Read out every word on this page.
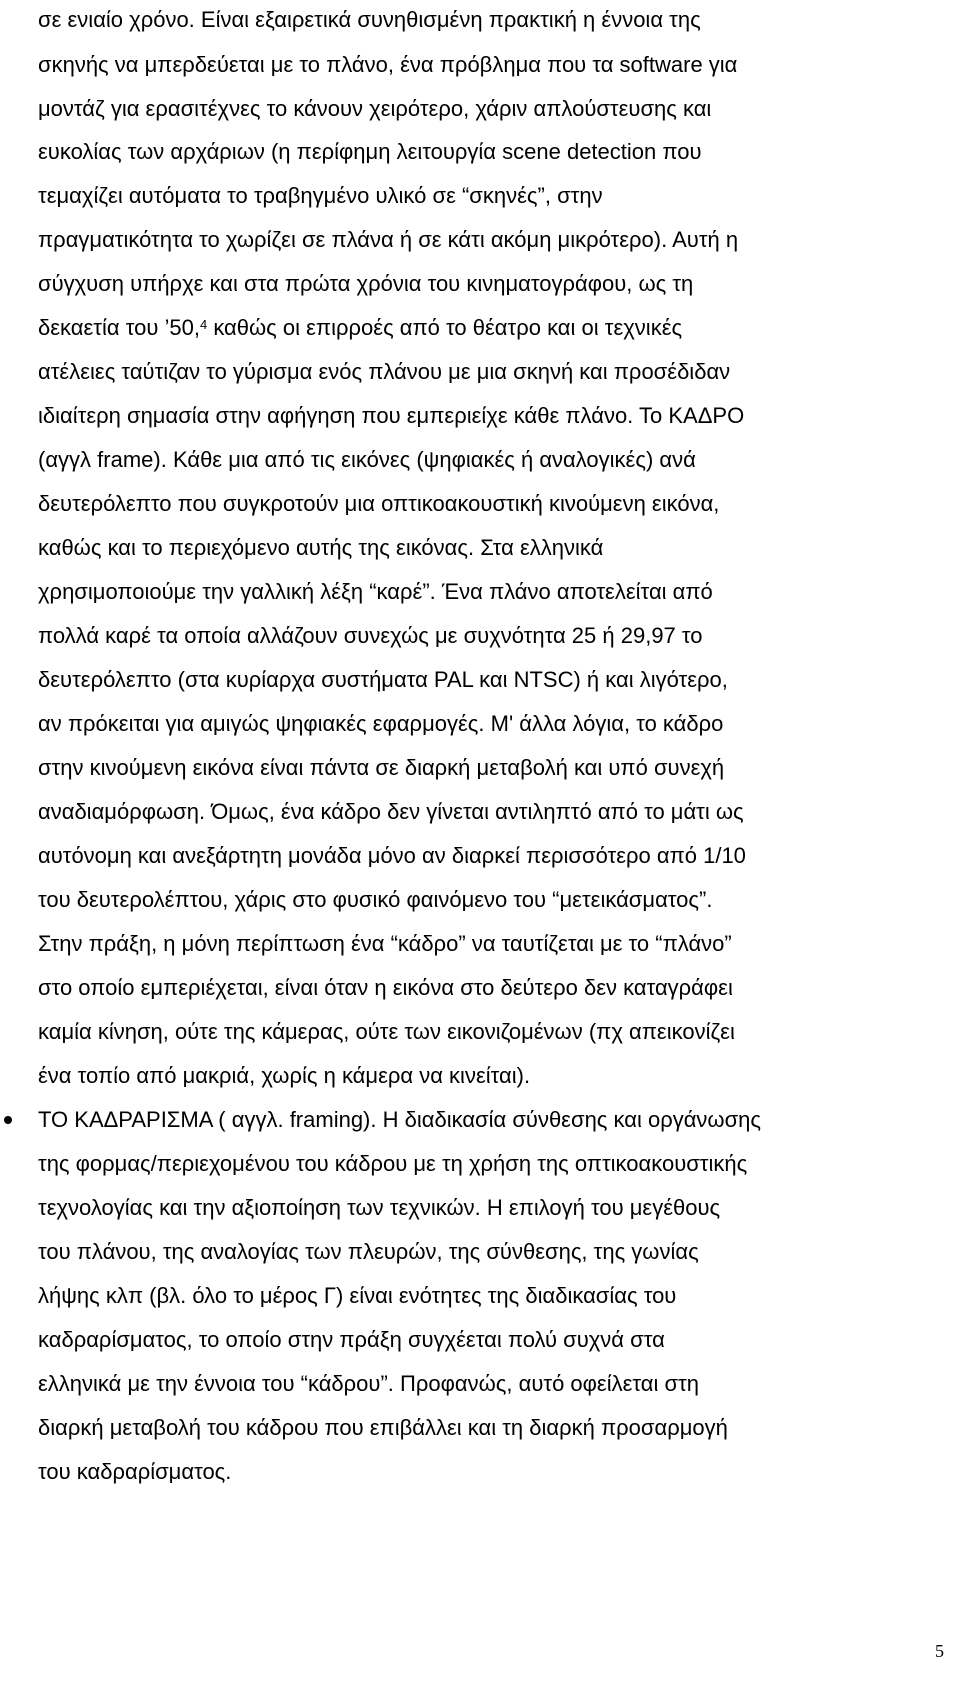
σε ενιαίο χρόνο. Είναι εξαιρετικά συνηθισμένη πρακτική η έννοια της
σκηνής να μπερδεύεται με το πλάνο, ένα πρόβλημα που τα software για
μοντάζ για ερασιτέχνες το κάνουν χειρότερο, χάριν απλούστευσης και
ευκολίας των αρχάριων (η περίφημη λειτουργία scene detection που
τεμαχίζει αυτόματα το τραβηγμένο υλικό σε “σκηνές”, στην
πραγματικότητα το χωρίζει σε πλάνα ή σε κάτι ακόμη μικρότερο). Αυτή η
σύγχυση υπήρχε και στα πρώτα χρόνια του κινηματογράφου, ως τη
δεκαετία του ’50,$^4$ καθώς οι επιρροές από το θέατρο και οι τεχνικές
ατέλειες ταύτιζαν το γύρισμα ενός πλάνου με μια σκηνή και προσέδιδαν
ιδιαίτερη σημασία στην αφήγηση που εμπεριείχε κάθε πλάνο. Το ΚΑΔΡΟ
(αγγλ frame). Κάθε μια από τις εικόνες (ψηφιακές ή αναλογικές) ανά
δευτερόλεπτο που συγκροτούν μια οπτικοακουστική κινούμενη εικόνα,
καθώς και το περιεχόμενο αυτής της εικόνας. Στα ελληνικά
χρησιμοποιούμε την γαλλική λέξη “καρέ”. Ένα πλάνο αποτελείται από
πολλά καρέ τα οποία αλλάζουν συνεχώς με συχνότητα 25 ή 29,97 το
δευτερόλεπτο (στα κυρίαρχα συστήματα PAL και NTSC) ή και λιγότερο,
αν πρόκειται για αμιγώς ψηφιακές εφαρμογές. Μ' άλλα λόγια, το κάδρο
στην κινούμενη εικόνα είναι πάντα σε διαρκή μεταβολή και υπό συνεχή
αναδιαμόρφωση. Όμως, ένα κάδρο δεν γίνεται αντιληπτό από το μάτι ως
αυτόνομη και ανεξάρτητη μονάδα μόνο αν διαρκεί περισσότερο από 1/10
του δευτερολέπτου, χάρις στο φυσικό φαινόμενο του “μετεικάσματος”.
Στην πράξη, η μόνη περίπτωση ένα “κάδρο” να ταυτίζεται με το “πλάνο”
στο οποίο εμπεριέχεται, είναι όταν η εικόνα στο δεύτερο δεν καταγράφει
καμία κίνηση, ούτε της κάμερας, ούτε των εικονιζομένων (πχ απεικονίζει
ένα τοπίο από μακριά, χωρίς η κάμερα να κινείται).
ΤΟ ΚΑΔΡΑΡΙΣΜΑ ( αγγλ. framing). Η διαδικασία σύνθεσης και οργάνωσης
της φορμας/περιεχομένου του κάδρου με τη χρήση της οπτικοακουστικής
τεχνολογίας και την αξιοποίηση των τεχνικών. Η επιλογή του μεγέθους
του πλάνου, της αναλογίας των πλευρών, της σύνθεσης, της γωνίας
λήψης κλπ (βλ. όλο το μέρος Γ) είναι ενότητες της διαδικασίας του
καδραρίσματος, το οποίο στην πράξη συγχέεται πολύ συχνά στα
ελληνικά με την έννοια του “κάδρου”. Προφανώς, αυτό οφείλεται στη
διαρκή μεταβολή του κάδρου που επιβάλλει και τη διαρκή προσαρμογή
του καδραρίσματος.
5
